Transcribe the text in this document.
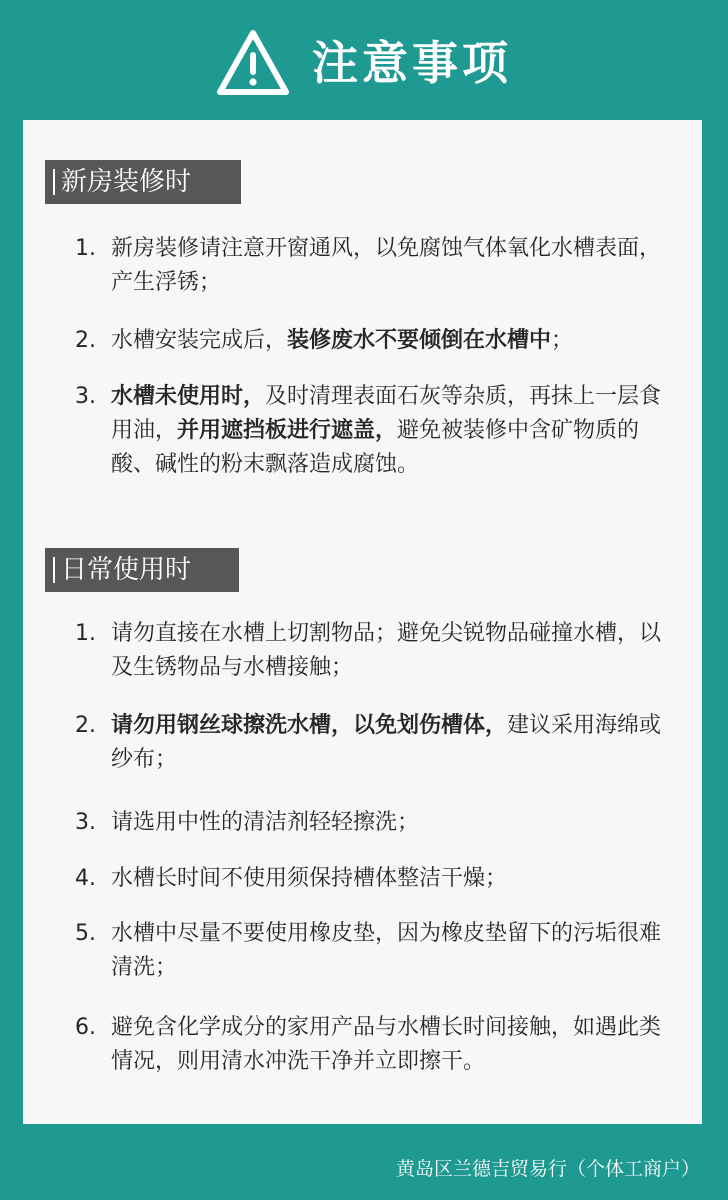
注意事项
新房装修时
1. 新房装修请注意开窗通风，以免腐蚀气体氧化水槽表面，产生浮锈；
2. 水槽安装完成后，装修废水不要倾倒在水槽中；
3. 水槽未使用时，及时清理表面石灰等杂质，再抹上一层食用油，并用遮挡板进行遮盖，避免被装修中含矿物质的酸、碱性的粉末飘落造成腐蚀。
日常使用时
1. 请勿直接在水槽上切割物品；避免尖锐物品碰撞水槽，以及生锈物品与水槽接触；
2. 请勿用钢丝球擦洗水槽，以免划伤槽体，建议采用海绵或纱布；
3. 请选用中性的清洁剂轻轻擦洗；
4. 水槽长时间不使用须保持槽体整洁干燥；
5. 水槽中尽量不要使用橡皮垫，因为橡皮垫留下的污垢很难清洗；
6. 避免含化学成分的家用产品与水槽长时间接触，如遇此类情况，则用清水冲洗干净并立即擦干。
黄岛区兰德吉贸易行（个体工商户）
